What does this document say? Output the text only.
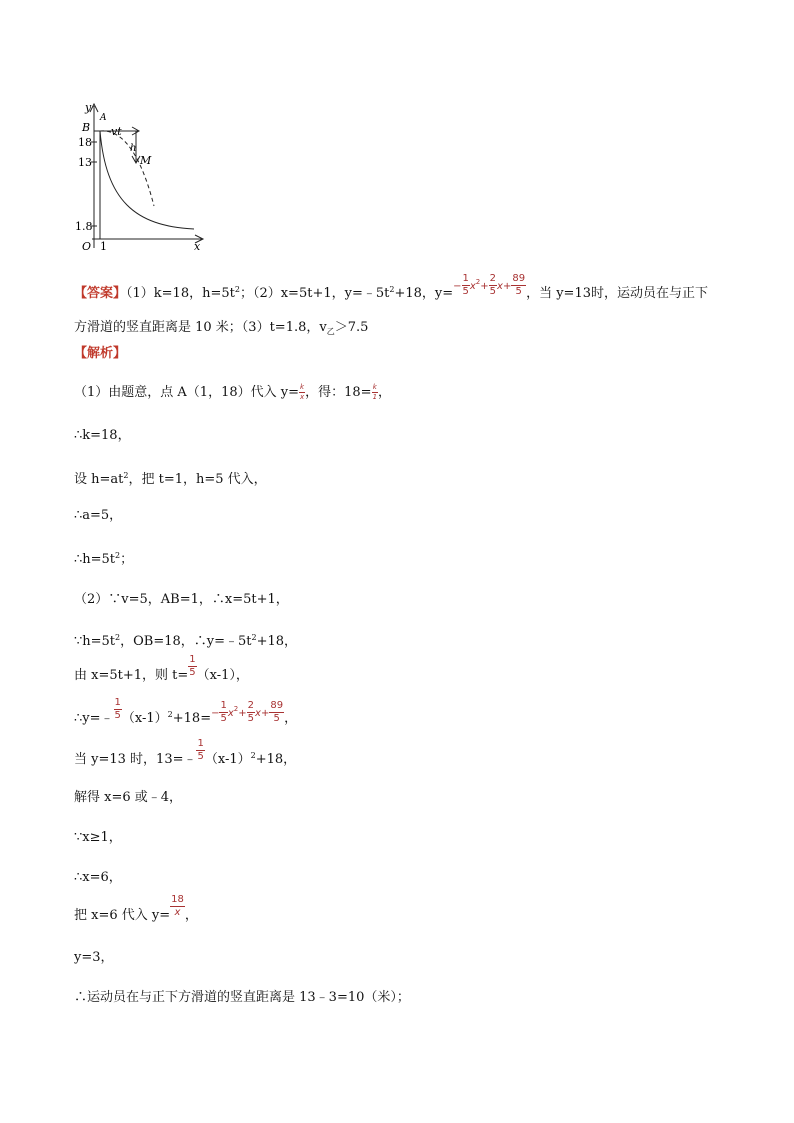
y
B
A
vt
h
M
18
13
1.8
O 1	x
【答案】（1）k=18，$h=5t^2$；（2）x=5t+1，$y=﹣5t^2+18$，$y=- \frac{1}{5} x^2+ \frac{2}{5} x+ \frac{89}{5}$ ，当 y=13时，运动员在与正下
方滑道的竖直距离是 10 米；（3）t=1.8，$v_乙>7.5$
【解析】
（1）由题意，点 A（1，18）代入 $y= \frac{k}{x}$ ，得：$18= \frac{k}{1}$ ，
∴k=18，
设 $h=at^2$，把 t=1，h=5 代入，
∴a=5，
$\therefore h=5t^2$；
（2）∵v=5，AB=1，∴x=5t+1，
$\because h=5t^2$，OB=18，$\therefore y=﹣5t^2+18$，
由 x=5t+1，则 $t= \frac{1}{5} (x-1)$，
∴y=﹣ $\frac{1}{5} (x-1)^2+18=- \frac{1}{5} x^2+ \frac{2}{5} x+ \frac{89}{5}$ ，
当 y=13 时，13=﹣ $\frac{1}{5} (x-1)^2+18$，
解得 x=6 或﹣4，
∵x≥1，
∴x=6，
把 x=6 代入 $y= \frac{18}{x}$ ，
y=3，
∴运动员在与正下方滑道的竖直距离是 13﹣3=10（米）；
